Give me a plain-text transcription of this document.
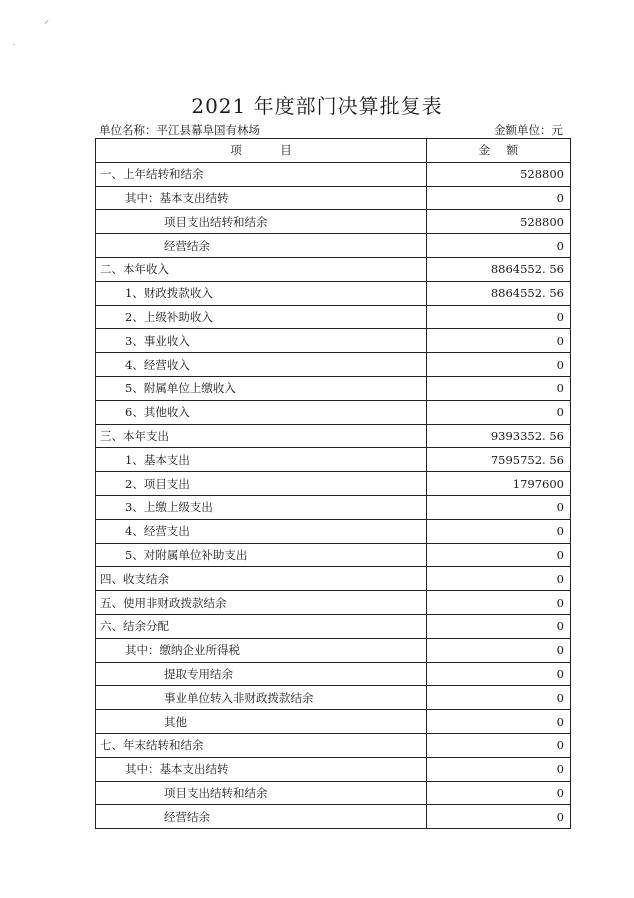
⸝
·
2021 年度部门决算批复表
单位名称：平江县幕阜国有林场	金额单位：元
项 目	金 额
一、上年结转和结余	528800
其中：基本支出结转	0
项目支出结转和结余	528800
经营结余	0
二、本年收入	8864552. 56
1、财政拨款收入	8864552. 56
2、上级补助收入	0
3、事业收入	0
4、经营收入	0
5、附属单位上缴收入	0
6、其他收入	0
三、本年支出	9393352. 56
1、基本支出	7595752. 56
2、项目支出	1797600
3、上缴上级支出	0
4、经营支出	0
5、对附属单位补助支出	0
四、收支结余	0
五、使用非财政拨款结余	0
六、结余分配	0
其中：缴纳企业所得税	0
提取专用结余	0
事业单位转入非财政拨款结余	0
其他	0
七、年末结转和结余	0
其中：基本支出结转	0
项目支出结转和结余	0
经营结余	0
